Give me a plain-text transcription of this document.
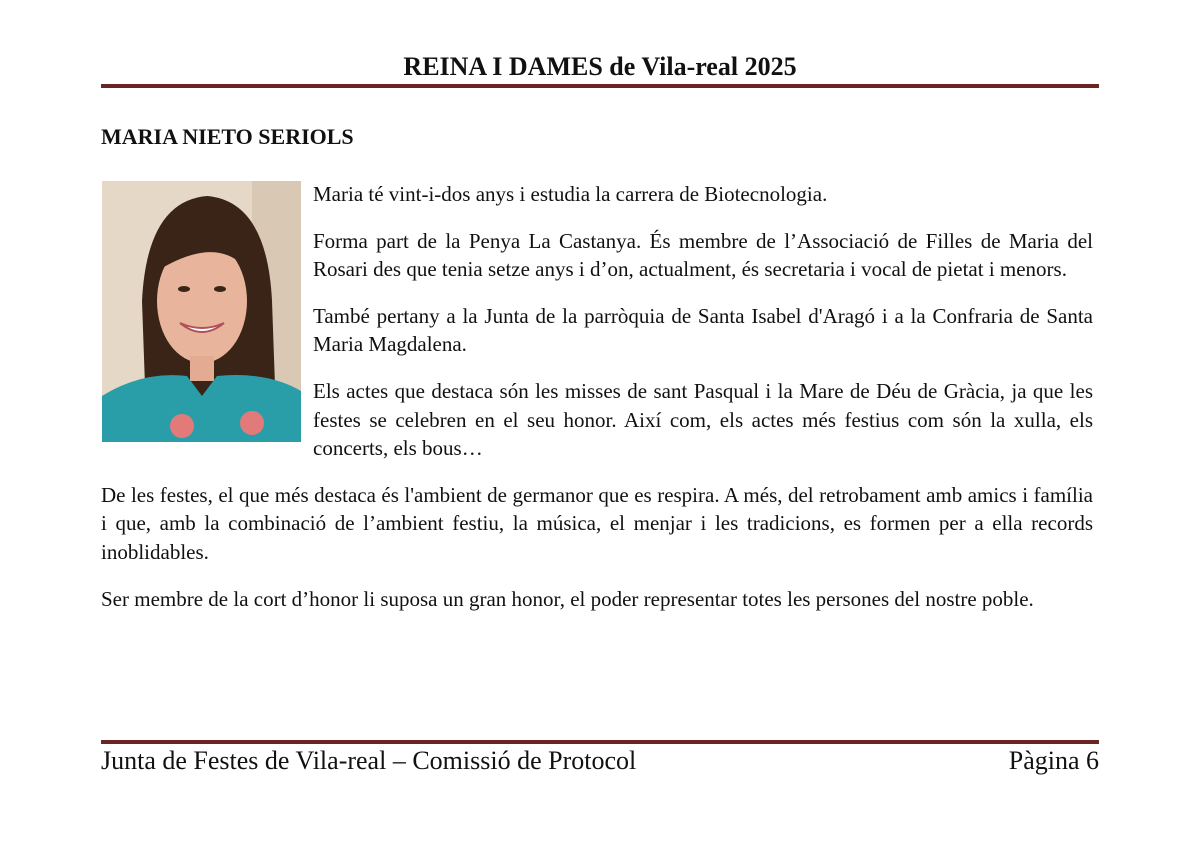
REINA I DAMES de Vila-real 2025
MARIA NIETO SERIOLS

Maria té vint-i-dos anys i estudia la carrera de Biotecnologia.

Forma part de la Penya La Castanya. És membre de l’Associació de Filles de Maria del Rosari des que tenia setze anys i d’on, actualment, és secretaria i vocal de pietat i menors.

També pertany a la Junta de la parròquia de Santa Isabel d'Aragó i a la Confraria de Santa Maria Magdalena.

Els actes que destaca són les misses de sant Pasqual i la Mare de Déu de Gràcia, ja que les festes se celebren en el seu honor. Així com, els actes més festius com són la xulla, els concerts, els bous…

De les festes, el que més destaca és l'ambient de germanor que es respira. A més, del retrobament amb amics i família i que, amb la combinació de l’ambient festiu, la música, el menjar i les tradicions, es formen per a ella records inoblidables.

Ser membre de la cort d’honor li suposa un gran honor, el poder representar totes les persones del nostre poble.

Junta de Festes de Vila-real – Comissió de Protocol	Pàgina 6
